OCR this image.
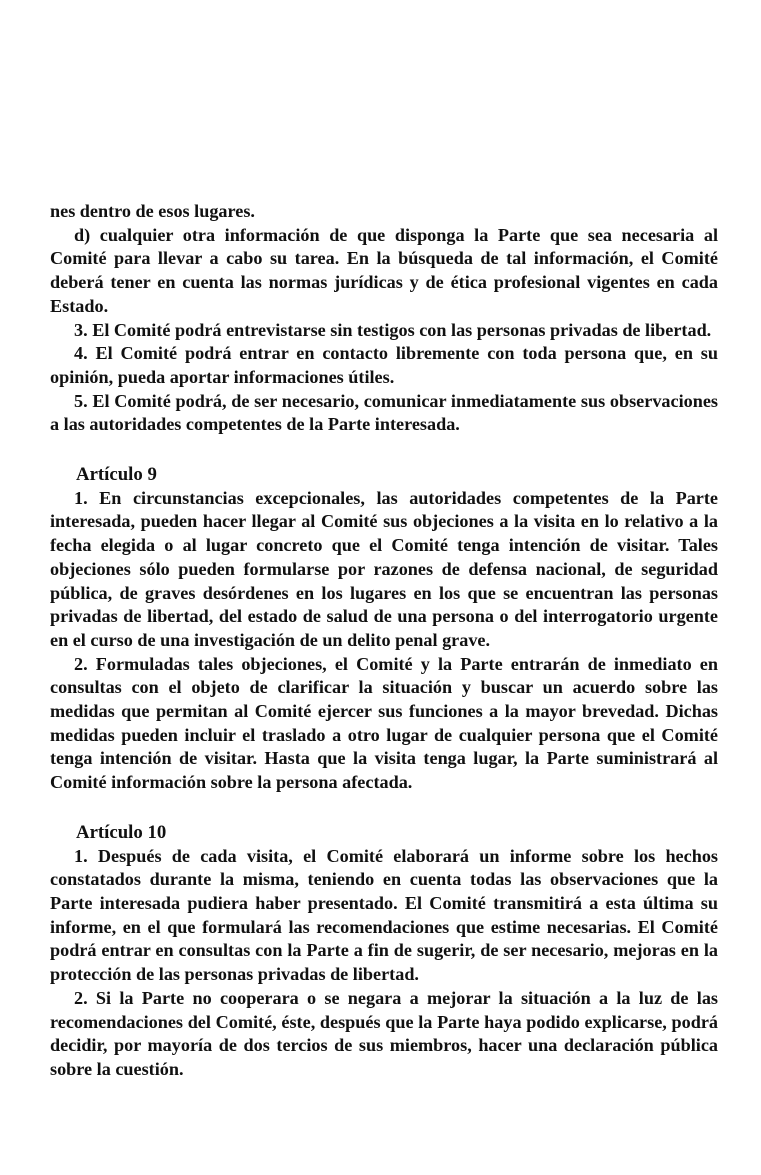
nes dentro de esos lugares.

d) cualquier otra información de que disponga la Parte que sea necesaria al Comité para llevar a cabo su tarea. En la búsqueda de tal información, el Comité deberá tener en cuenta las normas jurídicas y de ética profesional vigentes en cada Estado.

3. El Comité podrá entrevistarse sin testigos con las personas privadas de libertad.

4. El Comité podrá entrar en contacto libremente con toda persona que, en su opinión, pueda aportar informaciones útiles.

5. El Comité podrá, de ser necesario, comunicar inmediatamente sus observaciones a las autoridades competentes de la Parte interesada.

Artículo 9

1. En circunstancias excepcionales, las autoridades competentes de la Parte interesada, pueden hacer llegar al Comité sus objeciones a la visita en lo relativo a la fecha elegida o al lugar concreto que el Comité tenga intención de visitar. Tales objeciones sólo pueden formularse por razones de defensa nacional, de seguridad pública, de graves desórdenes en los lugares en los que se encuentran las personas privadas de libertad, del estado de salud de una persona o del interrogatorio urgente en el curso de una investigación de un delito penal grave.

2. Formuladas tales objeciones, el Comité y la Parte entrarán de inmediato en consultas con el objeto de clarificar la situación y buscar un acuerdo sobre las medidas que permitan al Comité ejercer sus funciones a la mayor brevedad. Dichas medidas pueden incluir el traslado a otro lugar de cualquier persona que el Comité tenga intención de visitar. Hasta que la visita tenga lugar, la Parte suministrará al Comité información sobre la persona afectada.

Artículo 10

1. Después de cada visita, el Comité elaborará un informe sobre los hechos constatados durante la misma, teniendo en cuenta todas las observaciones que la Parte interesada pudiera haber presentado. El Comité transmitirá a esta última su informe, en el que formulará las recomendaciones que estime necesarias. El Comité podrá entrar en consultas con la Parte a fin de sugerir, de ser necesario, mejoras en la protección de las personas privadas de libertad.

2. Si la Parte no cooperara o se negara a mejorar la situación a la luz de las recomendaciones del Comité, éste, después que la Parte haya podido explicarse, podrá decidir, por mayoría de dos tercios de sus miembros, hacer una declaración pública sobre la cuestión.
